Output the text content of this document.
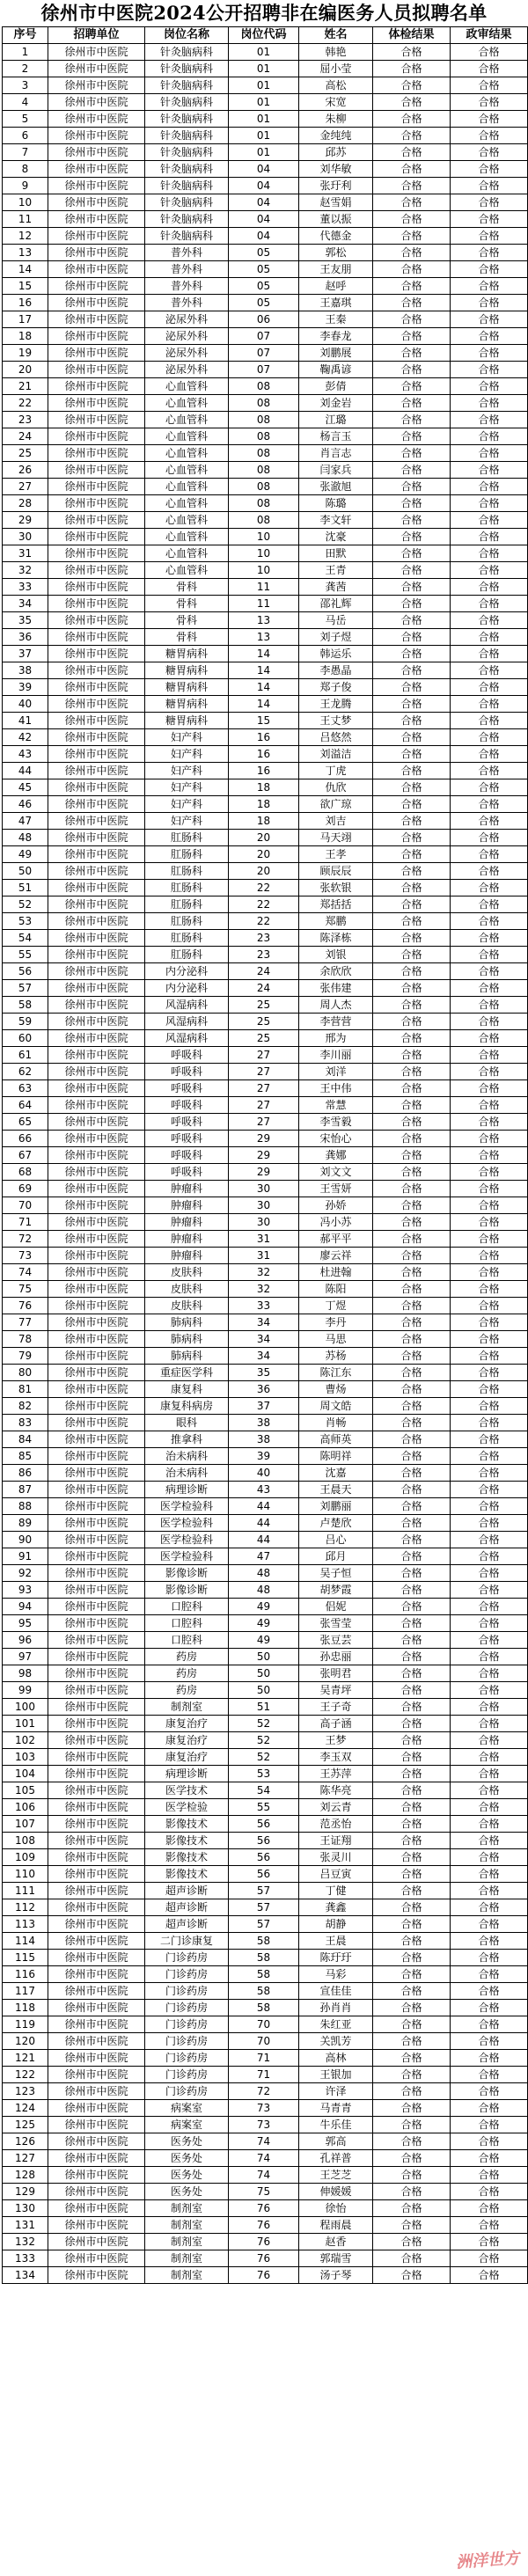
徐州市中医院2024公开招聘非在编医务人员拟聘名单
序号	招聘单位	岗位名称	岗位代码	姓名	体检结果	政审结果
1	徐州市中医院	针灸脑病科	01	韩艳	合格	合格
2	徐州市中医院	针灸脑病科	01	屈小莹	合格	合格
3	徐州市中医院	针灸脑病科	01	高松	合格	合格
4	徐州市中医院	针灸脑病科	01	宋宽	合格	合格
5	徐州市中医院	针灸脑病科	01	朱柳	合格	合格
6	徐州市中医院	针灸脑病科	01	金纯纯	合格	合格
7	徐州市中医院	针灸脑病科	01	邱苏	合格	合格
8	徐州市中医院	针灸脑病科	04	刘华敏	合格	合格
9	徐州市中医院	针灸脑病科	04	张玗利	合格	合格
10	徐州市中医院	针灸脑病科	04	赵雪娟	合格	合格
11	徐州市中医院	针灸脑病科	04	董以振	合格	合格
12	徐州市中医院	针灸脑病科	04	代德金	合格	合格
13	徐州市中医院	普外科	05	郭松	合格	合格
14	徐州市中医院	普外科	05	王友朋	合格	合格
15	徐州市中医院	普外科	05	赵呼	合格	合格
16	徐州市中医院	普外科	05	王嘉琪	合格	合格
17	徐州市中医院	泌尿外科	06	王秦	合格	合格
18	徐州市中医院	泌尿外科	07	李春龙	合格	合格
19	徐州市中医院	泌尿外科	07	刘鹏展	合格	合格
20	徐州市中医院	泌尿外科	07	鞠禹谚	合格	合格
21	徐州市中医院	心血管科	08	彭倩	合格	合格
22	徐州市中医院	心血管科	08	刘金岩	合格	合格
23	徐州市中医院	心血管科	08	江璐	合格	合格
24	徐州市中医院	心血管科	08	杨言玉	合格	合格
25	徐州市中医院	心血管科	08	肖言志	合格	合格
26	徐州市中医院	心血管科	08	闫家兵	合格	合格
27	徐州市中医院	心血管科	08	张澈旭	合格	合格
28	徐州市中医院	心血管科	08	陈璐	合格	合格
29	徐州市中医院	心血管科	08	李文轩	合格	合格
30	徐州市中医院	心血管科	10	沈豪	合格	合格
31	徐州市中医院	心血管科	10	田默	合格	合格
32	徐州市中医院	心血管科	10	王青	合格	合格
33	徐州市中医院	骨科	11	龚茜	合格	合格
34	徐州市中医院	骨科	11	邵礼辉	合格	合格
35	徐州市中医院	骨科	13	马岳	合格	合格
36	徐州市中医院	骨科	13	刘子煜	合格	合格
37	徐州市中医院	糖胃病科	14	韩运乐	合格	合格
38	徐州市中医院	糖胃病科	14	李愚晶	合格	合格
39	徐州市中医院	糖胃病科	14	郑子俊	合格	合格
40	徐州市中医院	糖胃病科	14	王龙腾	合格	合格
41	徐州市中医院	糖胃病科	15	王丈梦	合格	合格
42	徐州市中医院	妇产科	16	吕悠然	合格	合格
43	徐州市中医院	妇产科	16	刘溢洁	合格	合格
44	徐州市中医院	妇产科	16	丁虎	合格	合格
45	徐州市中医院	妇产科	18	仇欣	合格	合格
46	徐州市中医院	妇产科	18	欲广琼	合格	合格
47	徐州市中医院	妇产科	18	刘吉	合格	合格
48	徐州市中医院	肛肠科	20	马天翊	合格	合格
49	徐州市中医院	肛肠科	20	王孝	合格	合格
50	徐州市中医院	肛肠科	20	顾辰辰	合格	合格
51	徐州市中医院	肛肠科	22	张软银	合格	合格
52	徐州市中医院	肛肠科	22	郑括括	合格	合格
53	徐州市中医院	肛肠科	22	郑鹏	合格	合格
54	徐州市中医院	肛肠科	23	陈泽栋	合格	合格
55	徐州市中医院	肛肠科	23	刘银	合格	合格
56	徐州市中医院	内分泌科	24	余欣欣	合格	合格
57	徐州市中医院	内分泌科	24	张伟建	合格	合格
58	徐州市中医院	风湿病科	25	周人杰	合格	合格
59	徐州市中医院	风湿病科	25	李营营	合格	合格
60	徐州市中医院	风湿病科	25	邢为	合格	合格
61	徐州市中医院	呼吸科	27	李川丽	合格	合格
62	徐州市中医院	呼吸科	27	刘洋	合格	合格
63	徐州市中医院	呼吸科	27	王中伟	合格	合格
64	徐州市中医院	呼吸科	27	常慧	合格	合格
65	徐州市中医院	呼吸科	27	李雪毅	合格	合格
66	徐州市中医院	呼吸科	29	宋怡心	合格	合格
67	徐州市中医院	呼吸科	29	龚娜	合格	合格
68	徐州市中医院	呼吸科	29	刘文文	合格	合格
69	徐州市中医院	肿瘤科	30	王雪妍	合格	合格
70	徐州市中医院	肿瘤科	30	孙娇	合格	合格
71	徐州市中医院	肿瘤科	30	冯小苏	合格	合格
72	徐州市中医院	肿瘤科	31	郝平平	合格	合格
73	徐州市中医院	肿瘤科	31	廖云祥	合格	合格
74	徐州市中医院	皮肤科	32	杜进翰	合格	合格
75	徐州市中医院	皮肤科	32	陈阳	合格	合格
76	徐州市中医院	皮肤科	33	丁煜	合格	合格
77	徐州市中医院	肺病科	34	李丹	合格	合格
78	徐州市中医院	肺病科	34	马思	合格	合格
79	徐州市中医院	肺病科	34	苏杨	合格	合格
80	徐州市中医院	重症医学科	35	陈江东	合格	合格
81	徐州市中医院	康复科	36	曹炀	合格	合格
82	徐州市中医院	康复科病房	37	周文皓	合格	合格
83	徐州市中医院	眼科	38	肖畅	合格	合格
84	徐州市中医院	推拿科	38	高师英	合格	合格
85	徐州市中医院	治未病科	39	陈明祥	合格	合格
86	徐州市中医院	治未病科	40	沈嘉	合格	合格
87	徐州市中医院	病理诊断	43	王晨天	合格	合格
88	徐州市中医院	医学检验科	44	刘鹏丽	合格	合格
89	徐州市中医院	医学检验科	44	卢楚欣	合格	合格
90	徐州市中医院	医学检验科	44	吕心	合格	合格
91	徐州市中医院	医学检验科	47	邱月	合格	合格
92	徐州市中医院	影像诊断	48	吴子恒	合格	合格
93	徐州市中医院	影像诊断	48	胡梦霞	合格	合格
94	徐州市中医院	口腔科	49	侣妮	合格	合格
95	徐州市中医院	口腔科	49	张雪莹	合格	合格
96	徐州市中医院	口腔科	49	张豆芸	合格	合格
97	徐州市中医院	药房	50	孙忠丽	合格	合格
98	徐州市中医院	药房	50	张明君	合格	合格
99	徐州市中医院	药房	50	吴青坪	合格	合格
100	徐州市中医院	制剂室	51	王子奇	合格	合格
101	徐州市中医院	康复治疗	52	高子涵	合格	合格
102	徐州市中医院	康复治疗	52	王梦	合格	合格
103	徐州市中医院	康复治疗	52	李玉双	合格	合格
104	徐州市中医院	病理诊断	53	王苏萍	合格	合格
105	徐州市中医院	医学技术	54	陈华亮	合格	合格
106	徐州市中医院	医学检验	55	刘云青	合格	合格
107	徐州市中医院	影像技术	56	范丞怡	合格	合格
108	徐州市中医院	影像技术	56	王证翔	合格	合格
109	徐州市中医院	影像技术	56	张灵川	合格	合格
110	徐州市中医院	影像技术	56	吕豆寅	合格	合格
111	徐州市中医院	超声诊断	57	丁健	合格	合格
112	徐州市中医院	超声诊断	57	龚鑫	合格	合格
113	徐州市中医院	超声诊断	57	胡静	合格	合格
114	徐州市中医院	二门诊康复	58	王晨	合格	合格
115	徐州市中医院	门诊药房	58	陈玗玗	合格	合格
116	徐州市中医院	门诊药房	58	马彩	合格	合格
117	徐州市中医院	门诊药房	58	宣佳佳	合格	合格
118	徐州市中医院	门诊药房	58	孙肖肖	合格	合格
119	徐州市中医院	门诊药房	70	朱红亚	合格	合格
120	徐州市中医院	门诊药房	70	关凯芳	合格	合格
121	徐州市中医院	门诊药房	71	高林	合格	合格
122	徐州市中医院	门诊药房	71	王银加	合格	合格
123	徐州市中医院	门诊药房	72	许泽	合格	合格
124	徐州市中医院	病案室	73	马青青	合格	合格
125	徐州市中医院	病案室	73	牛乐佳	合格	合格
126	徐州市中医院	医务处	74	郭高	合格	合格
127	徐州市中医院	医务处	74	孔祥普	合格	合格
128	徐州市中医院	医务处	74	王芝芝	合格	合格
129	徐州市中医院	医务处	75	伸媛媛	合格	合格
130	徐州市中医院	制剂室	76	徐怡	合格	合格
131	徐州市中医院	制剂室	76	程雨晨	合格	合格
132	徐州市中医院	制剂室	76	赵香	合格	合格
133	徐州市中医院	制剂室	76	郭瑞雪	合格	合格
134	徐州市中医院	制剂室	76	汤子琴	合格	合格
洲洋世方
